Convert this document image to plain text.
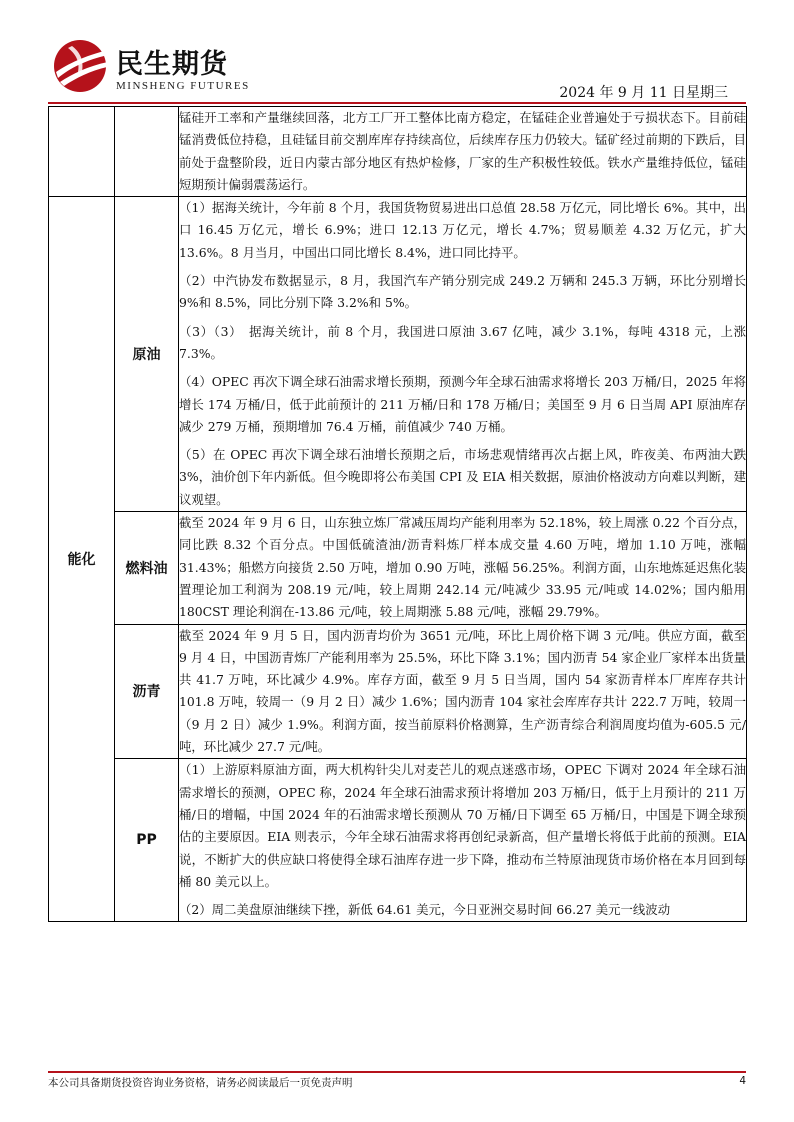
民生期货
MINSHENG FUTURES	2024 年 9 月 11 日星期三

		锰硅开工率和产量继续回落，北方工厂开工整体比南方稳定，在锰硅企业普遍处于亏损状态下。目前硅锰消费低位持稳，且硅锰目前交割库库存持续高位，后续库存压力仍较大。锰矿经过前期的下跌后，目前处于盘整阶段，近日内蒙古部分地区有热炉检修，厂家的生产积极性较低。铁水产量维持低位，锰硅短期预计偏弱震荡运行。

能化	原油	（1）据海关统计，今年前 8 个月，我国货物贸易进出口总值 28.58 万亿元，同比增长 6%。其中，出口 16.45 万亿元，增长 6.9%；进口 12.13 万亿元，增长 4.7%；贸易顺差 4.32 万亿元，扩大 13.6%。8 月当月，中国出口同比增长 8.4%，进口同比持平。

（2）中汽协发布数据显示，8 月，我国汽车产销分别完成 249.2 万辆和 245.3 万辆，环比分别增长 9%和 8.5%，同比分别下降 3.2%和 5%。

（3）（3）　据海关统计，前 8 个月，我国进口原油 3.67 亿吨，减少 3.1%，每吨 4318 元，上涨 7.3%。

（4）OPEC 再次下调全球石油需求增长预期，预测今年全球石油需求将增长 203 万桶/日，2025 年将增长 174 万桶/日，低于此前预计的 211 万桶/日和 178 万桶/日；美国至 9 月 6 日当周 API 原油库存减少 279 万桶，预期增加 76.4 万桶，前值减少 740 万桶。

（5）在 OPEC 再次下调全球石油增长预期之后，市场悲观情绪再次占据上风，昨夜美、布两油大跌 3%，油价创下年内新低。但今晚即将公布美国 CPI 及 EIA 相关数据，原油价格波动方向难以判断，建议观望。

	燃料油	截至 2024 年 9 月 6 日，山东独立炼厂常减压周均产能利用率为 52.18%，较上周涨 0.22 个百分点，同比跌 8.32 个百分点。中国低硫渣油/沥青料炼厂样本成交量 4.60 万吨，增加 1.10 万吨，涨幅 31.43%；船燃方向接货 2.50 万吨，增加 0.90 万吨，涨幅 56.25%。利润方面，山东地炼延迟焦化装置理论加工利润为 208.19 元/吨，较上周期 242.14 元/吨减少 33.95 元/吨或 14.02%；国内船用 180CST 理论利润在-13.86 元/吨，较上周期涨 5.88 元/吨，涨幅 29.79%。

	沥青	截至 2024 年 9 月 5 日，国内沥青均价为 3651 元/吨，环比上周价格下调 3 元/吨。供应方面，截至 9 月 4 日，中国沥青炼厂产能利用率为 25.5%，环比下降 3.1%；国内沥青 54 家企业厂家样本出货量共 41.7 万吨，环比减少 4.9%。库存方面，截至 9 月 5 日当周，国内 54 家沥青样本厂库库存共计 101.8 万吨，较周一（9 月 2 日）减少 1.6%；国内沥青 104 家社会库库存共计 222.7 万吨，较周一（9 月 2 日）减少 1.9%。利润方面，按当前原料价格测算，生产沥青综合利润周度均值为-605.5 元/吨，环比减少 27.7 元/吨。

	PP	（1）上游原料原油方面，两大机构针尖儿对麦芒儿的观点迷惑市场，OPEC 下调对 2024 年全球石油需求增长的预测，OPEC 称，2024 年全球石油需求预计将增加 203 万桶/日，低于上月预计的 211 万桶/日的增幅，中国 2024 年的石油需求增长预测从 70 万桶/日下调至 65 万桶/日，中国是下调全球预估的主要原因。EIA 则表示，今年全球石油需求将再创纪录新高，但产量增长将低于此前的预测。EIA 说，不断扩大的供应缺口将使得全球石油库存进一步下降，推动布兰特原油现货市场价格在本月回到每桶 80 美元以上。

（2）周二美盘原油继续下挫，新低 64.61 美元，今日亚洲交易时间 66.27 美元一线波动

本公司具备期货投资咨询业务资格，请务必阅读最后一页免责声明	4
